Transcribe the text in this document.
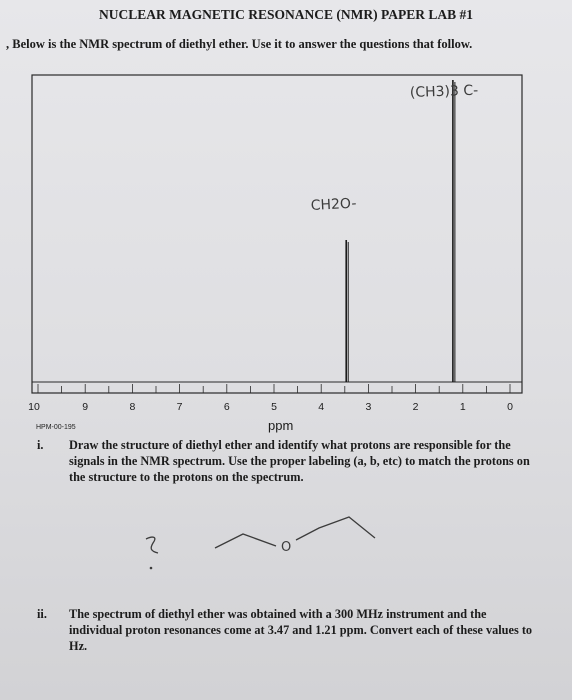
NUCLEAR MAGNETIC RESONANCE (NMR) PAPER LAB #1
, Below is the NMR spectrum of diethyl ether. Use it to answer the questions that follow.
10	9	8	7	6	5	4	3	2	1	0
(CH3)3 C-
CH2O-
O
HPM-00-195	ppm
i. Draw the structure of diethyl ether and identify what protons are responsible for the signals in the NMR spectrum. Use the proper labeling (a, b, etc) to match the protons on the structure to the protons on the spectrum.
ii. The spectrum of diethyl ether was obtained with a 300 MHz instrument and the individual proton resonances come at 3.47 and 1.21 ppm. Convert each of these values to Hz.
